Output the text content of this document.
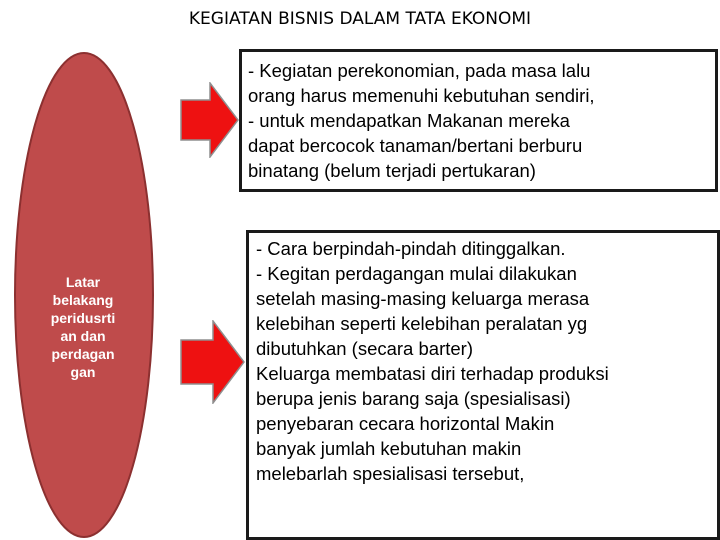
KEGIATAN BISNIS DALAM TATA EKONOMI
Latar
belakang
peridusrti
an dan
perdagan
gan
- Kegiatan perekonomian, pada masa lalu
orang harus memenuhi kebutuhan sendiri,
- untuk mendapatkan Makanan mereka
dapat bercocok tanaman/bertani berburu
binatang (belum terjadi pertukaran)
- Cara berpindah-pindah ditinggalkan.
- Kegitan perdagangan mulai dilakukan
setelah masing-masing keluarga merasa
kelebihan seperti kelebihan peralatan yg
dibutuhkan (secara barter)
Keluarga membatasi diri terhadap produksi
berupa jenis barang saja (spesialisasi)
penyebaran cecara horizontal Makin
banyak jumlah kebutuhan makin
melebarlah spesialisasi tersebut,
